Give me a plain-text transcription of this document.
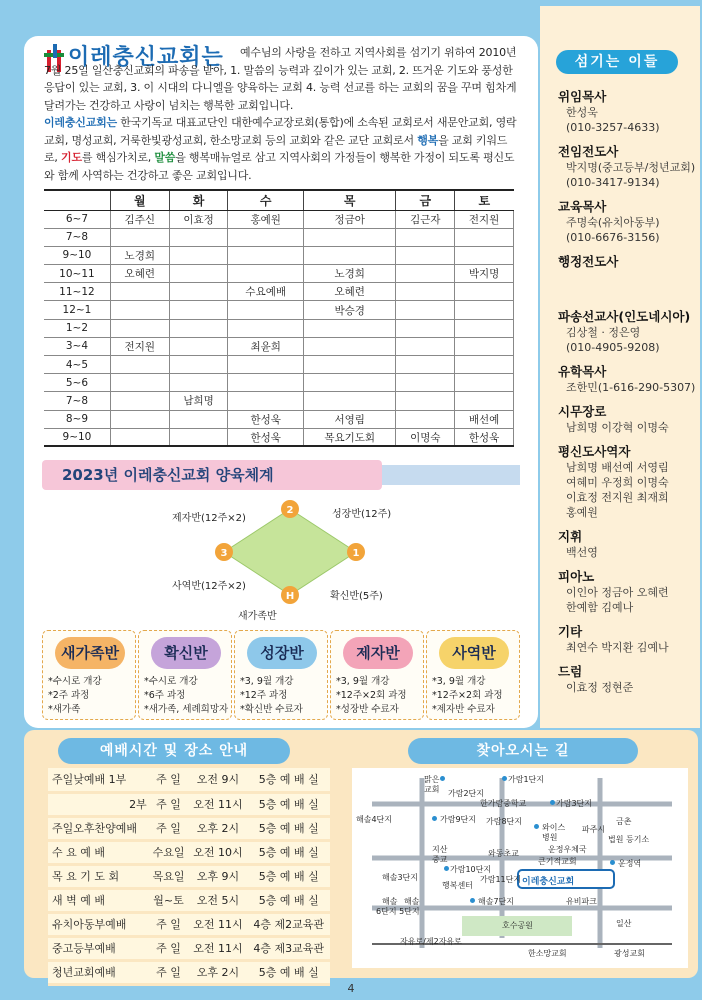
이레충신교회는	예수님의 사랑을 전하고 지역사회를 섬기기 위하여 2010년 7월 25일 일산충신교회의 파송을 받아, 1. 말씀의 능력과 깊이가 있는 교회, 2. 뜨거운 기도와 풍성한 응답이 있는 교회, 3. 이 시대의 다니엘을 양육하는 교회 4. 능력 선교를 하는 교회의 꿈을 꾸며 힘차게 달려가는 건강하고 사랑이 넘치는 행복한 교회입니다.
이레충신교회는 한국기독교 대표교단인 대한예수교장로회(통합)에 소속된 교회로서 새문안교회, 영락교회, 명성교회, 거룩한빛광성교회, 한소망교회 등의 교회와 같은 교단 교회로서 행복을 교회 키워드로, 기도를 핵심가치로, 말씀을 행복매뉴얼로 삼고 지역사회의 가정들이 행복한 가정이 되도록 평신도와 함께 사역하는 건강하고 좋은 교회입니다.

	월	화	수	목	금	토
6~7	김주신	이효정	홍예원	정금아	김근자	전지원
7~8						
9~10	노경희					
10~11	오혜련			노경희		박지명
11~12			수요예배	오혜련		
12~1				박승경		
1~2						
3~4	전지원		최윤희			
4~5						
5~6						
7~8		남희명				
8~9			한성욱	서영림		배선예
9~10			한성욱	목요기도회	이명숙	한성욱
2023년 이레충신교회 양육체계
2
1
3
H
성장반(12주)
제자반(12주×2)
확신반(5주)
사역반(12주×2)
새가족반
새가족반
*수시로 개강
*2주 과정
*새가족
확신반
*수시로 개강
*6주 과정
*새가족, 세례희망자
성장반
*3, 9월 개강
*12주 과정
*확신반 수료자
제자반
*3, 9월 개강
*12주×2회 과정
*성장반 수료자
사역반
*3, 9월 개강
*12주×2회 과정
*제자반 수료자
섬기는 이들
위임목사
한성욱
(010-3257-4633)
전임전도사
박지명(중고등부/청년교회)
(010-3417-9134)
교육목사
주명숙(유치아동부)
(010-6676-3156)
행정전도사
파송선교사(인도네시아)
김상철 · 정은영
(010-4905-9208)
유학목사
조한민(1-616-290-5307)
시무장로
남희명 이강혁 이명숙
평신도사역자
남희명 배선예 서영림
여혜미 우정희 이명숙
이효정 전지원 최재희
홍예원
지휘
백선영
피아노
이인아 정금아 오혜련
한예함 김예나
기타
최연수 박지환 김예나
드럼
이효정 정현준
예배시간 및 장소 안내
주일낮예배 1부	주 일	오전 9시	5층 예 배 실
2부	주 일	오전 11시	5층 예 배 실
주일오후찬양예배	주 일	오후 2시	5층 예 배 실
수 요 예 배	수요일	오전 10시	5층 예 배 실
목 요 기 도 회	목요일	오후 9시	5층 예 배 실
새 벽 예 배	월~토	오전 5시	5층 예 배 실
유치아동부예배	주 일	오전 11시	4층 제2교육관
중고등부예배	주 일	오전 11시	4층 제3교육관
청년교회예배	주 일	오후 2시	5층 예 배 실
찾아오시는 길
맑은
교회
가람1단지
가람2단지
한가람중학교	가람3단지
해솔4단지	가람9단지 가람8단지	금촌
와이스
병원
파주시
법원 등기소
지산
중교
와동초교	운정우체국
큰기적교회	운정역
가람10단지
해솔3단지	가람11단지
행복센터	이레충신교회
해솔7단지	유비파크
해솔 해솔
6단지 5단지
호수공원	일산
자유로/제2자유로
한소망교회	광성교회
4
